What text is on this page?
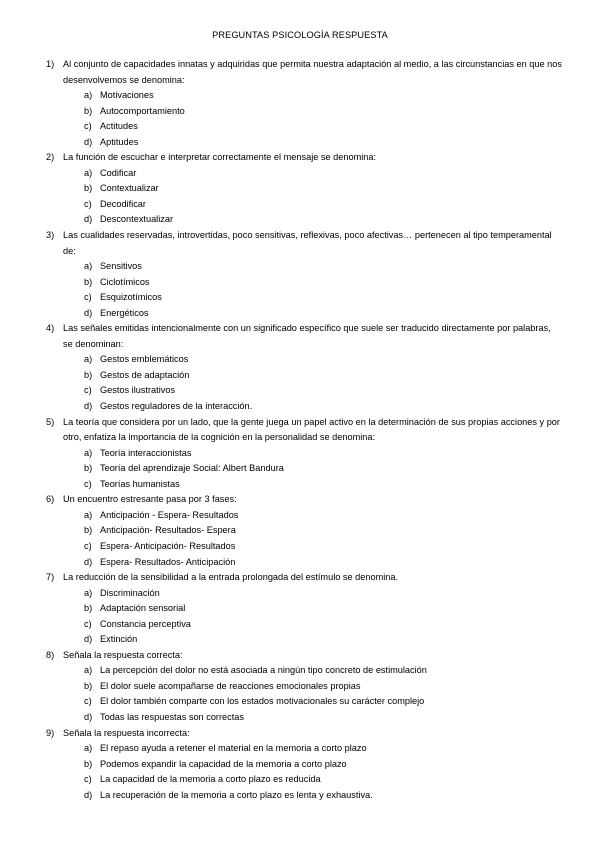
PREGUNTAS PSICOLOGÍA RESPUESTA
1) Al conjunto de capacidades innatas y adquiridas que permita nuestra adaptación al medio, a las circunstancias en que nos desenvolvemos se denomina:
a) Motivaciones
b) Autocomportamiento
c) Actitudes
d) Aptitudes
2) La función de escuchar e interpretar correctamente el mensaje se denomina:
a) Codificar
b) Contextualizar
c) Decodificar
d) Descontextualizar
3) Las cualidades reservadas, introvertidas, poco sensitivas, reflexivas, poco afectivas… pertenecen al tipo temperamental de:
a) Sensitivos
b) Ciclotímicos
c) Esquizotímicos
d) Energéticos
4) Las señales emitidas intencionalmente con un significado específico que suele ser traducido directamente por palabras, se denominan:
a) Gestos emblemáticos
b) Gestos de adaptación
c) Gestos ilustrativos
d) Gestos reguladores de la interacción.
5) La teoría que considera por un lado, que la gente juega un papel activo en la determinación de sus propias acciones y por otro, enfatiza la importancia de la cognición en la personalidad se denomina:
a) Teoría interaccionistas
b) Teoría del aprendizaje Social: Albert Bandura
c) Teorías humanistas
6) Un encuentro estresante pasa por 3 fases:
a) Anticipación - Espera- Resultados
b) Anticipación- Resultados- Espera
c) Espera- Anticipación- Resultados
d) Espera- Resultados- Anticipación
7) La reducción de la sensibilidad a la entrada prolongada del estímulo se denomina.
a) Discriminación
b) Adaptación sensorial
c) Constancia perceptiva
d) Extinción
8) Señala la respuesta correcta:
a) La percepción del dolor no está asociada a ningún tipo concreto de estimulación
b) El dolor suele acompañarse de reacciones emocionales propias
c) El dolor también comparte con los estados motivacionales su carácter complejo
d) Todas las respuestas son correctas
9) Señala la respuesta incorrecta:
a) El repaso ayuda a retener el material en la memoria a corto plazo
b) Podemos expandir la capacidad de la memoria a corto plazo
c) La capacidad de la memoria a corto plazo es reducida
d) La recuperación de la memoria a corto plazo es lenta y exhaustiva.
